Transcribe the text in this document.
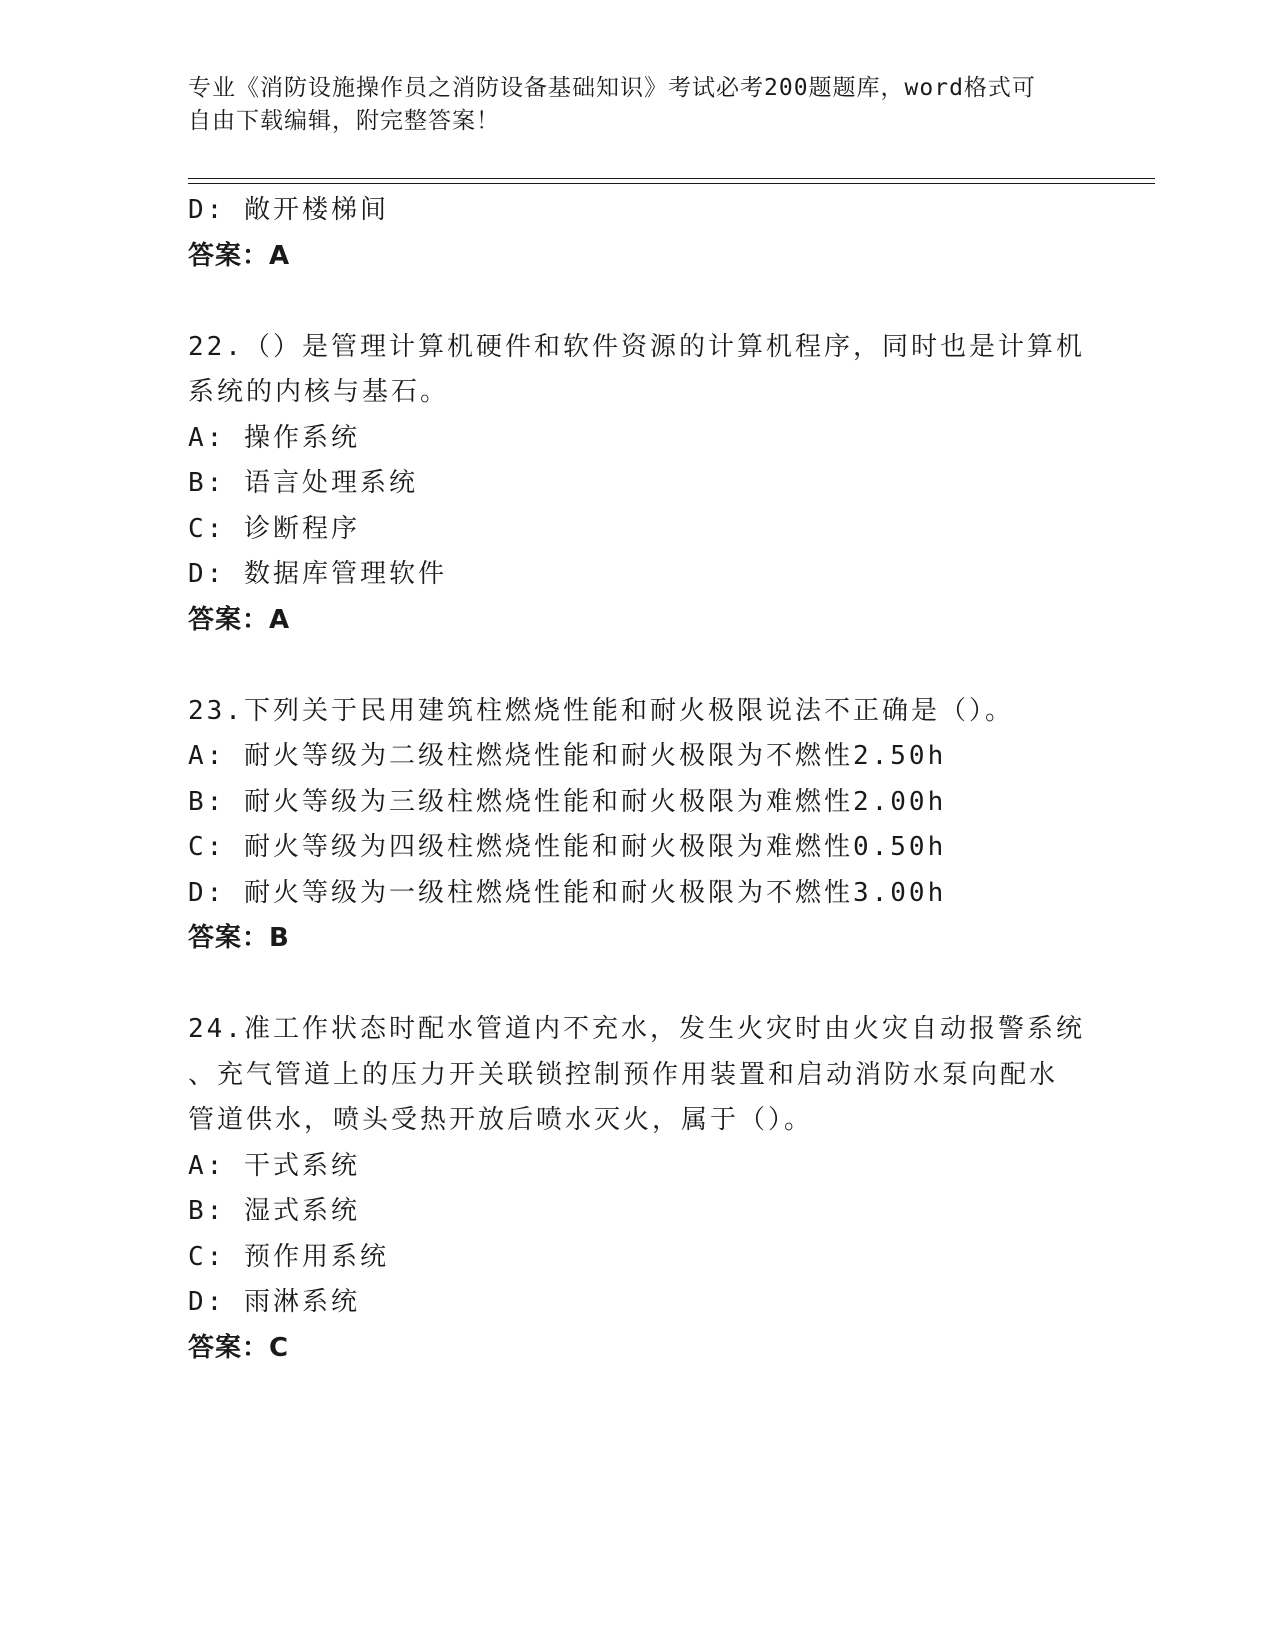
专业《消防设施操作员之消防设备基础知识》考试必考200题题库，word格式可
自由下载编辑，附完整答案！
D: 敞开楼梯间
答案：A
22.（）是管理计算机硬件和软件资源的计算机程序，同时也是计算机
系统的内核与基石。
A: 操作系统
B: 语言处理系统
C: 诊断程序
D: 数据库管理软件
答案：A
23.下列关于民用建筑柱燃烧性能和耐火极限说法不正确是（）。
A: 耐火等级为二级柱燃烧性能和耐火极限为不燃性2.50h
B: 耐火等级为三级柱燃烧性能和耐火极限为难燃性2.00h
C: 耐火等级为四级柱燃烧性能和耐火极限为难燃性0.50h
D: 耐火等级为一级柱燃烧性能和耐火极限为不燃性3.00h
答案：B
24.准工作状态时配水管道内不充水，发生火灾时由火灾自动报警系统
、充气管道上的压力开关联锁控制预作用装置和启动消防水泵向配水
管道供水，喷头受热开放后喷水灭火，属于（）。
A: 干式系统
B: 湿式系统
C: 预作用系统
D: 雨淋系统
答案：C
